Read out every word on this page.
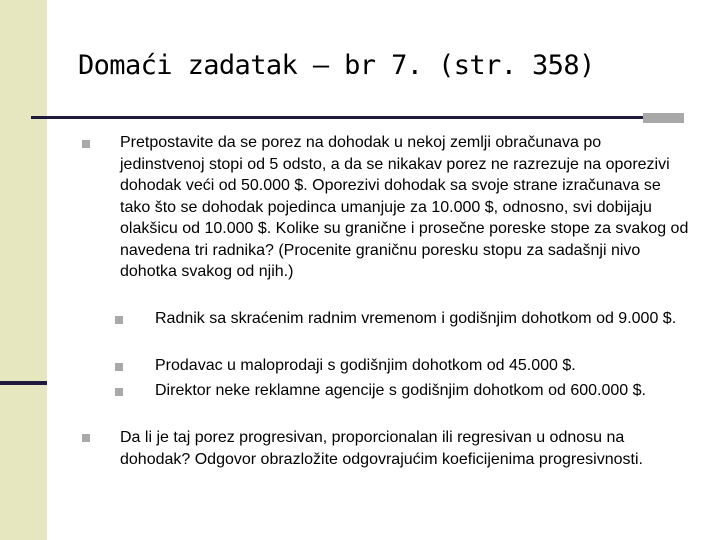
Domaći zadatak – br 7. (str. 358)
Pretpostavite da se porez na dohodak u nekoj zemlji obračunava po jedinstvenoj stopi od 5 odsto, a da se nikakav porez ne razrezuje na oporezivi dohodak veći od 50.000 $. Oporezivi dohodak sa svoje strane izračunava se tako što se dohodak pojedinca umanjuje za 10.000 $, odnosno, svi dobijaju olakšicu od 10.000 $. Kolike su granične i prosečne poreske stope za svakog od navedena tri radnika? (Procenite graničnu poresku stopu za sadašnji nivo dohotka svakog od njih.)
Radnik sa skraćenim radnim vremenom i godišnjim dohotkom od 9.000 $.
Prodavac u maloprodaji s godišnjim dohotkom od 45.000 $.
Direktor neke reklamne agencije s godišnjim dohotkom od 600.000 $.
Da li je taj porez progresivan, proporcionalan ili regresivan u odnosu na dohodak? Odgovor obrazložite odgovrajućim koeficijenima progresivnosti.
